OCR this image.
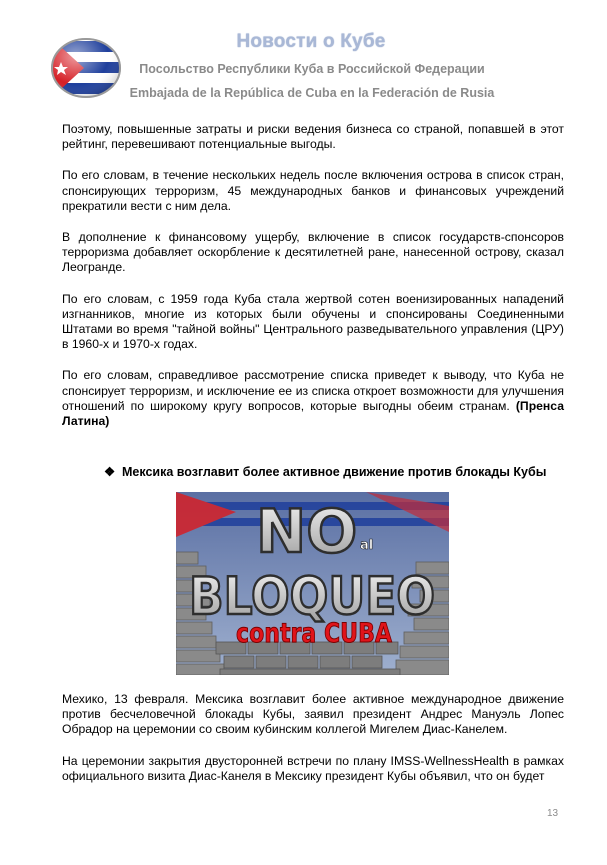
Новости о Кубе
Посольство Республики Куба в Российской Федерации
Embajada de la República de Cuba en la Federación de Rusia

Поэтому, повышенные затраты и риски ведения бизнеса со страной, попавшей в этот рейтинг, перевешивают потенциальные выгоды.

По его словам, в течение нескольких недель после включения острова в список стран, спонсирующих терроризм, 45 международных банков и финансовых учреждений прекратили вести с ним дела.

В дополнение к финансовому ущербу, включение в список государств-спонсоров терроризма добавляет оскорбление к десятилетней ране, нанесенной острову, сказал Леогранде.

По его словам, с 1959 года Куба стала жертвой сотен военизированных нападений изгнанников, многие из которых были обучены и спонсированы Соединенными Штатами во время "тайной войны" Центрального разведывательного управления (ЦРУ) в 1960-х и 1970-х годах.

По его словам, справедливое рассмотрение списка приведет к выводу, что Куба не спонсирует терроризм, и исключение ее из списка откроет возможности для улучшения отношений по широкому кругу вопросов, которые выгодны обеим странам. (Пренса Латина)

❖ Мексика возглавит более активное движение против блокады Кубы
NO al
BLOQUEO
contra CUBA

Мехико, 13 февраля. Мексика возглавит более активное международное движение против бесчеловечной блокады Кубы, заявил президент Андрес Мануэль Лопес Обрадор на церемонии со своим кубинским коллегой Мигелем Диас-Канелем.

На церемонии закрытия двусторонней встречи по плану IMSS-WellnessHealth в рамках официального визита Диас-Канеля в Мексику президент Кубы объявил, что он будет

13
